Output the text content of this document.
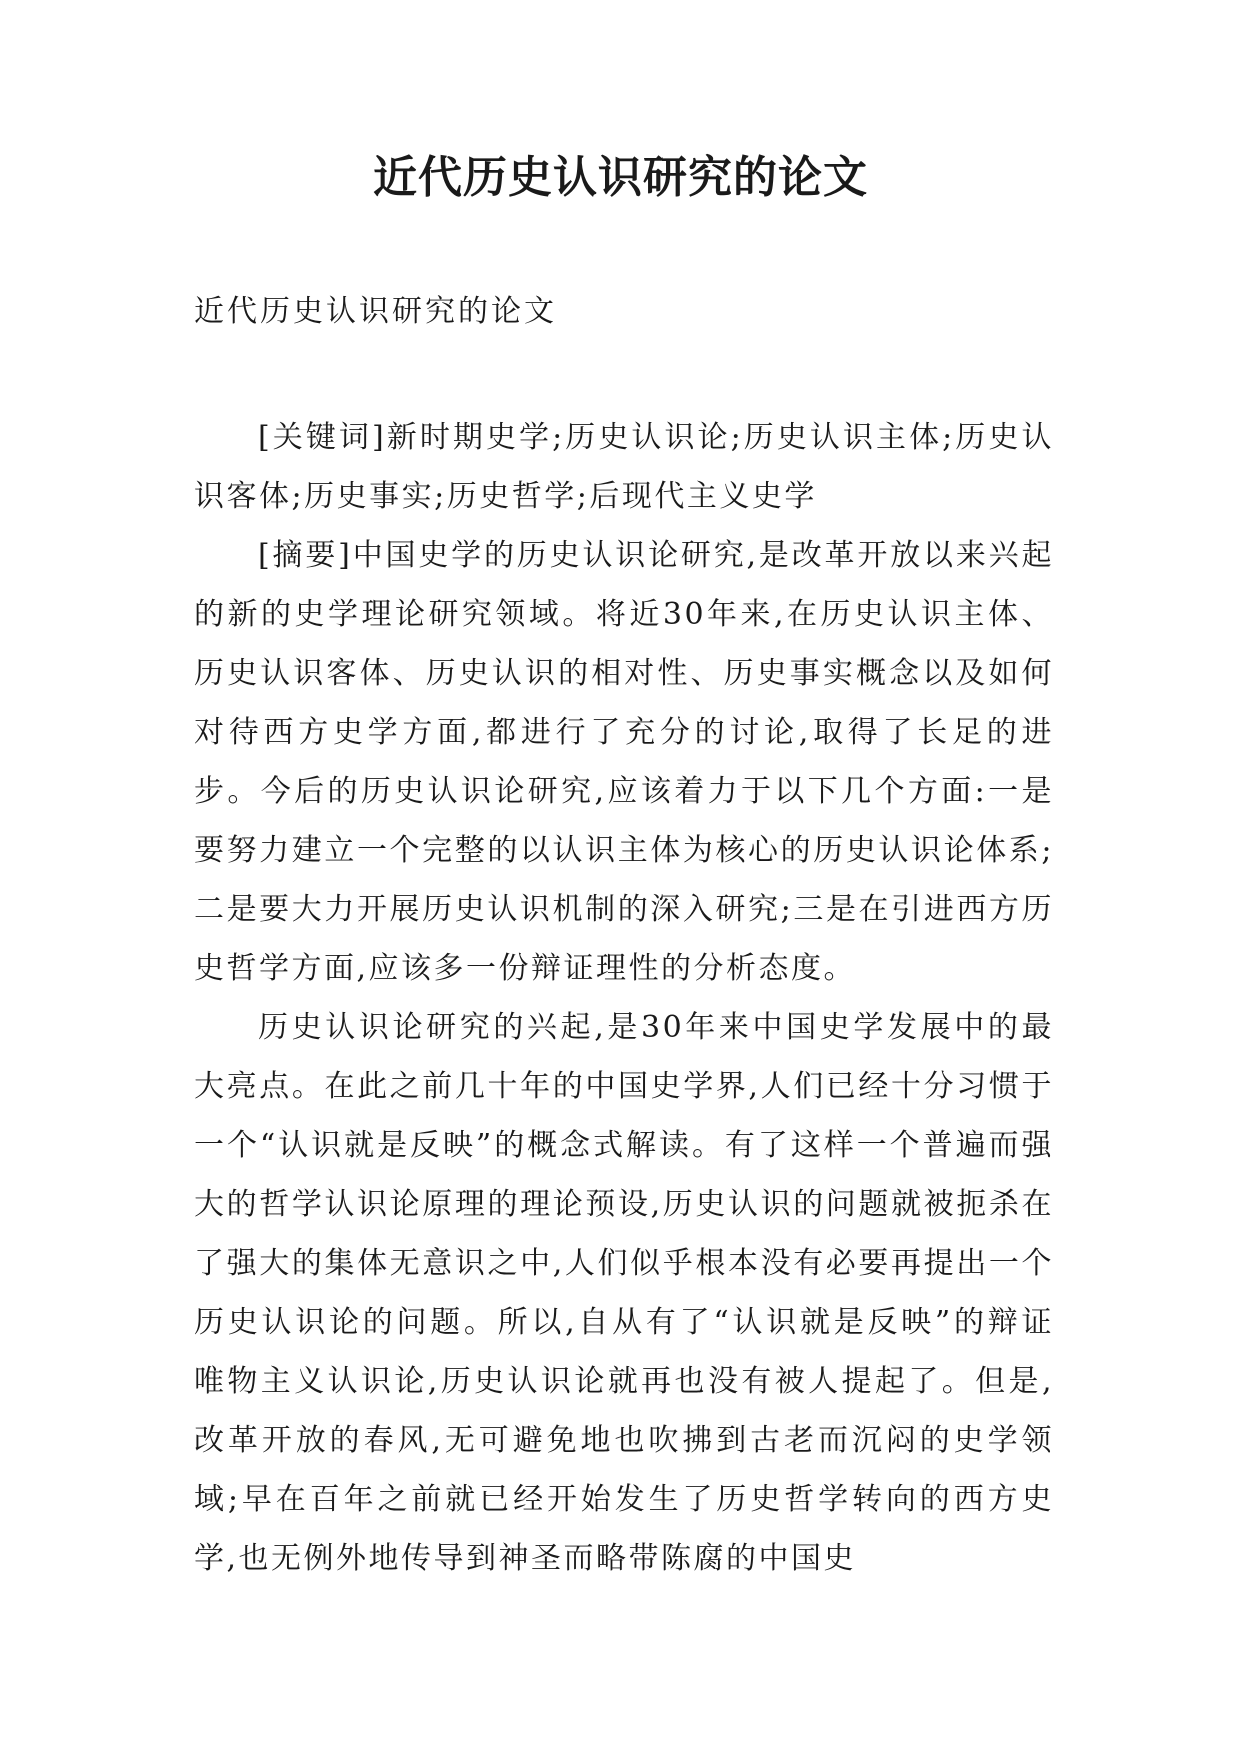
近代历史认识研究的论文

近代历史认识研究的论文

[关键词]新时期史学;历史认识论;历史认识主体;历史认识客体;历史事实;历史哲学;后现代主义史学

[摘要]中国史学的历史认识论研究,是改革开放以来兴起的新的史学理论研究领域。将近30年来,在历史认识主体、历史认识客体、历史认识的相对性、历史事实概念以及如何对待西方史学方面,都进行了充分的讨论,取得了长足的进步。今后的历史认识论研究,应该着力于以下几个方面:一是要努力建立一个完整的以认识主体为核心的历史认识论体系;二是要大力开展历史认识机制的深入研究;三是在引进西方历史哲学方面,应该多一份辩证理性的分析态度。

历史认识论研究的兴起,是30年来中国史学发展中的最大亮点。在此之前几十年的中国史学界,人们已经十分习惯于一个“认识就是反映”的概念式解读。有了这样一个普遍而强大的哲学认识论原理的理论预设,历史认识的问题就被扼杀在了强大的集体无意识之中,人们似乎根本没有必要再提出一个历史认识论的问题。所以,自从有了“认识就是反映”的辩证唯物主义认识论,历史认识论就再也没有被人提起了。但是,改革开放的春风,无可避免地也吹拂到古老而沉闷的史学领域;早在百年之前就已经开始发生了历史哲学转向的西方史学,也无例外地传导到神圣而略带陈腐的中国史
